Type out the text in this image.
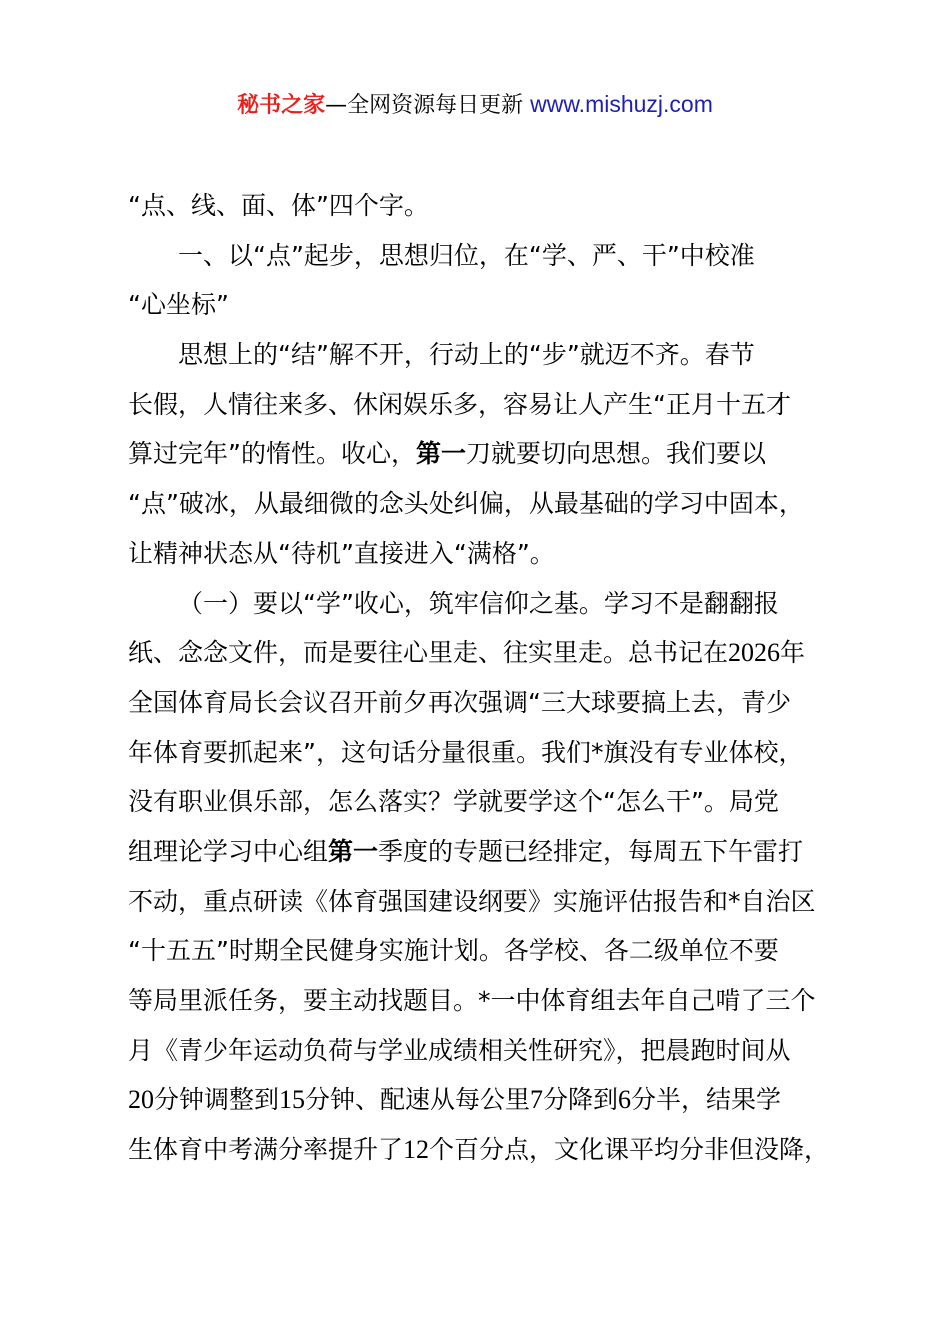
秘书之家—全网资源每日更新 www.mishuzj.com
“点、线、面、体”四个字。
一、以“点”起步，思想归位，在“学、严、干”中校准
“心坐标”
思想上的“结”解不开，行动上的“步”就迈不齐。春节
长假，人情往来多、休闲娱乐多，容易让人产生“正月十五才
算过完年”的惰性。收心，第一刀就要切向思想。我们要以
“点”破冰，从最细微的念头处纠偏，从最基础的学习中固本，
让精神状态从“待机”直接进入“满格”。
（一）要以“学”收心，筑牢信仰之基。学习不是翻翻报
纸、念念文件，而是要往心里走、往实里走。总书记在2026年
全国体育局长会议召开前夕再次强调“三大球要搞上去，青少
年体育要抓起来”，这句话分量很重。我们*旗没有专业体校，
没有职业俱乐部，怎么落实？学就要学这个“怎么干”。局党
组理论学习中心组第一季度的专题已经排定，每周五下午雷打
不动，重点研读《体育强国建设纲要》实施评估报告和*自治区
“十五五”时期全民健身实施计划。各学校、各二级单位不要
等局里派任务，要主动找题目。*一中体育组去年自己啃了三个
月《青少年运动负荷与学业成绩相关性研究》，把晨跑时间从
20分钟调整到15分钟、配速从每公里7分降到6分半，结果学
生体育中考满分率提升了12个百分点，文化课平均分非但没降，
